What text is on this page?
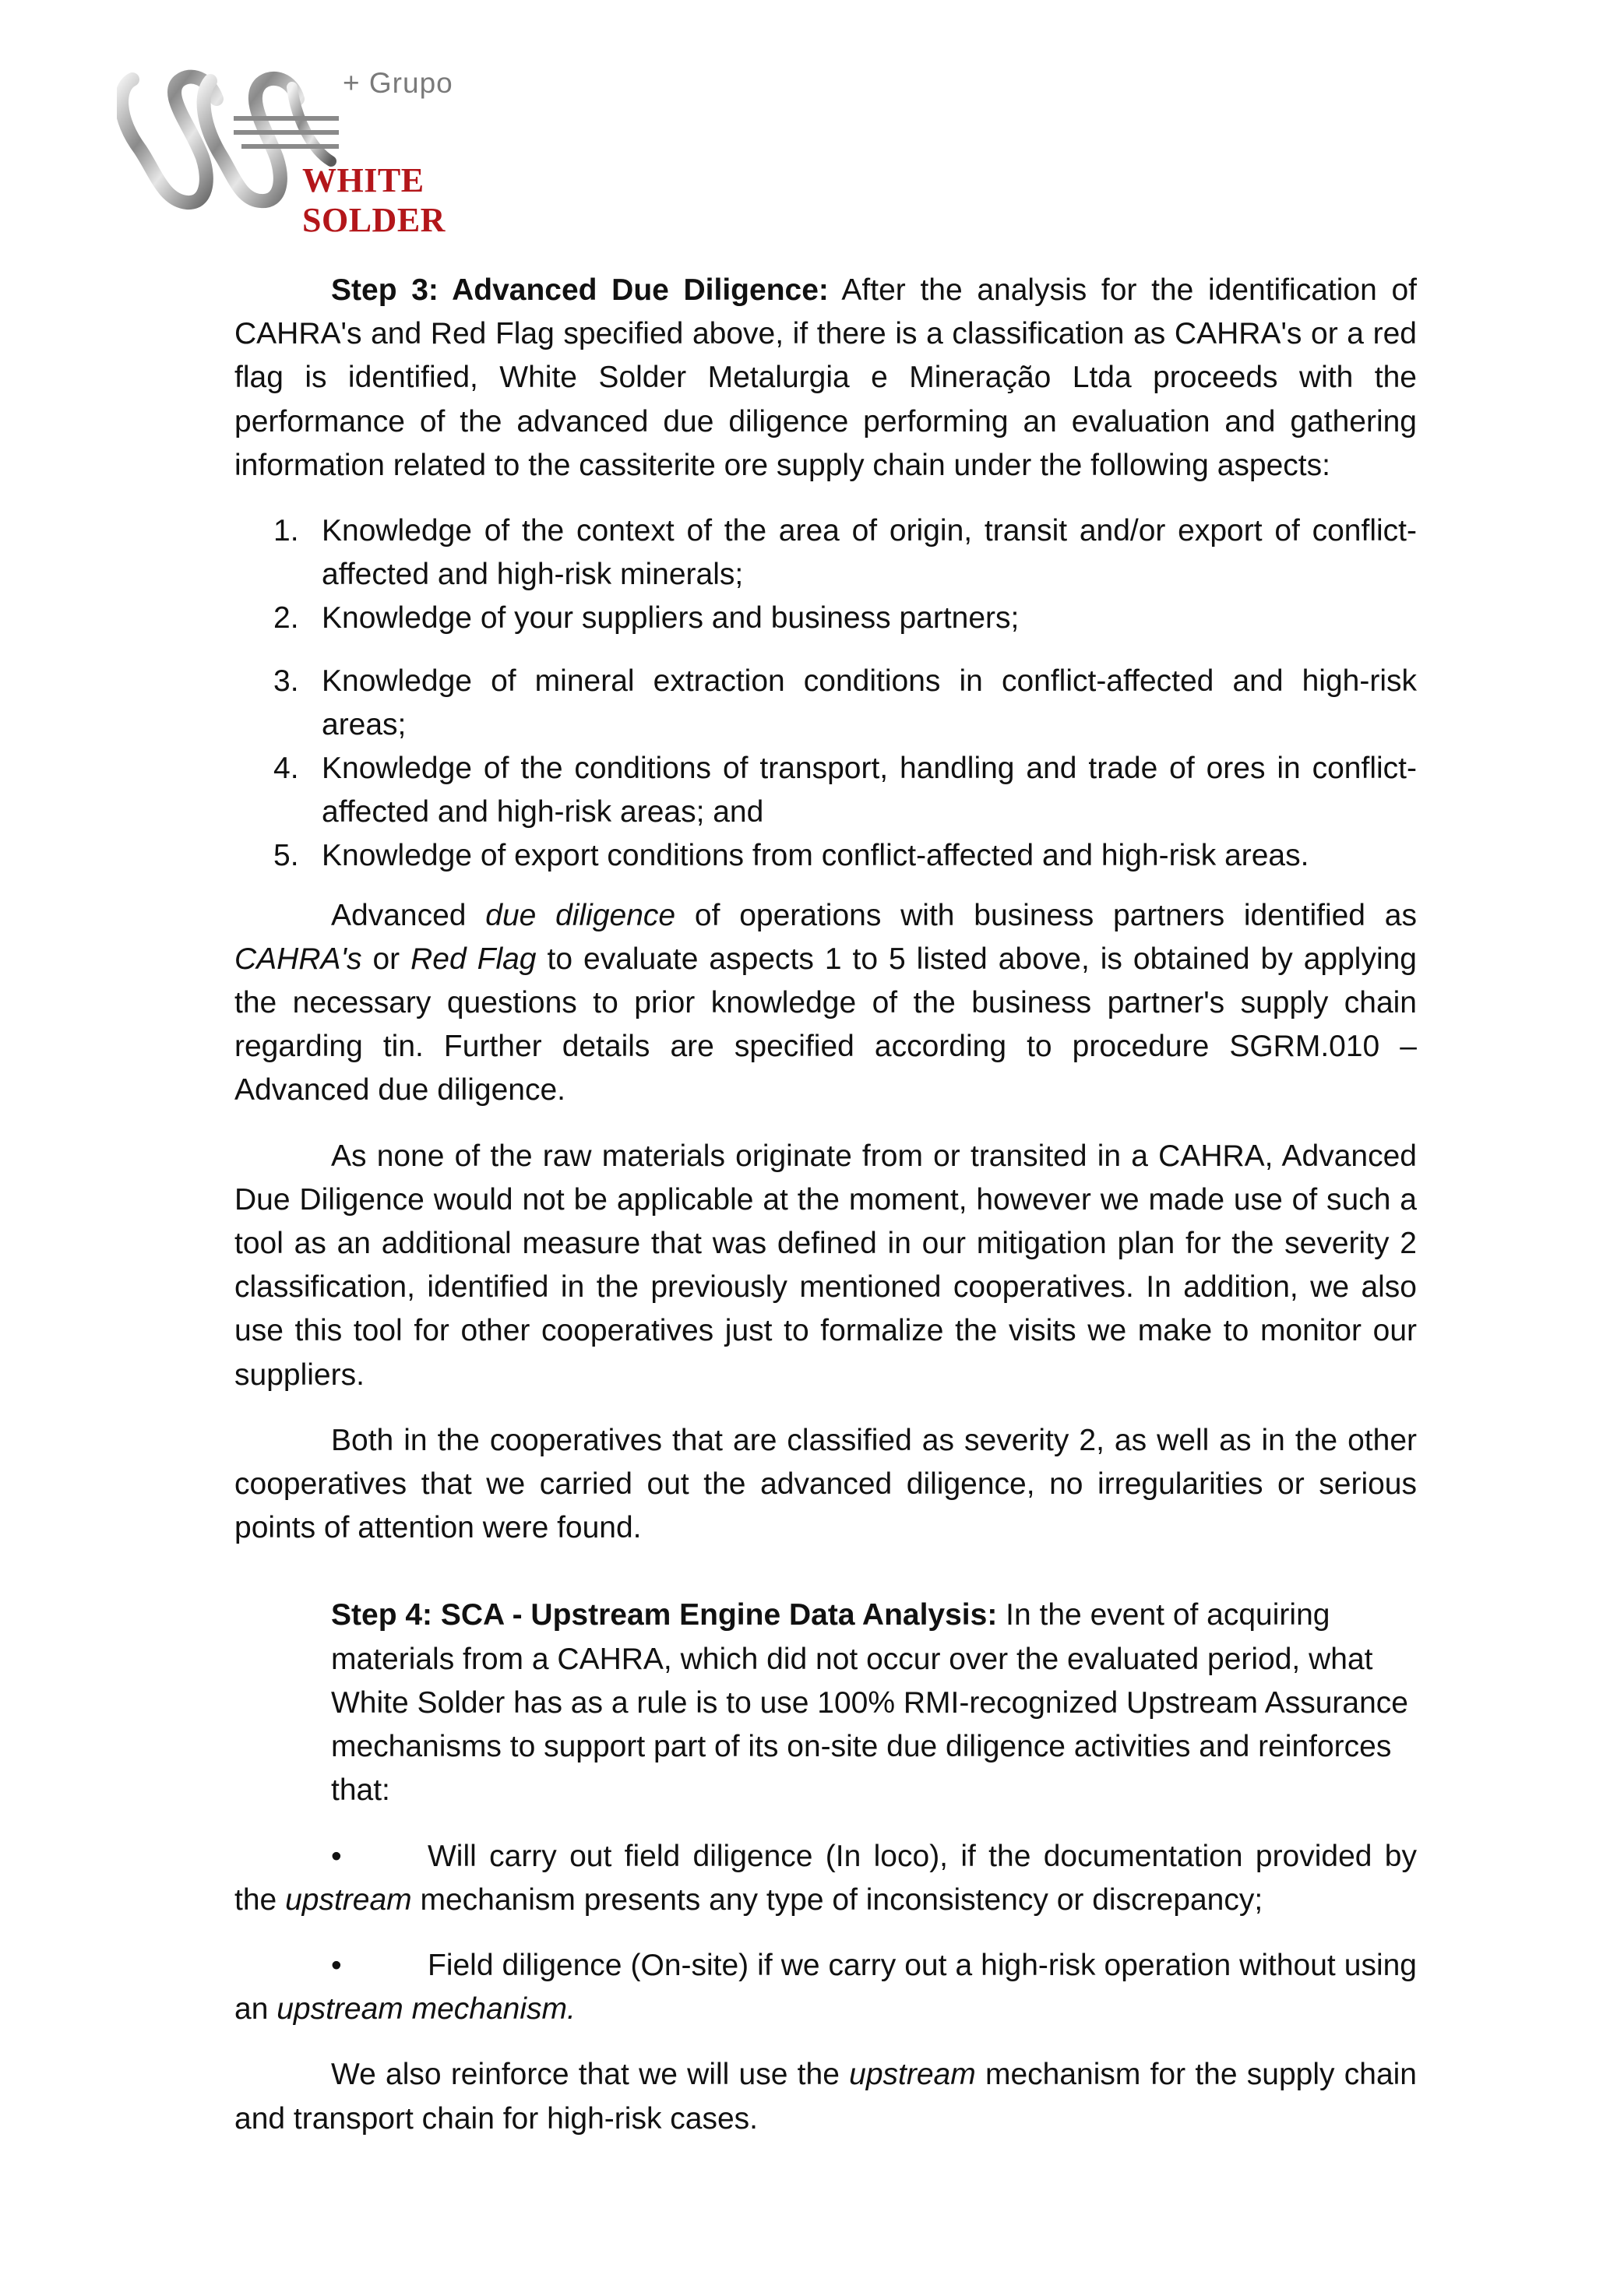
+ Grupo
WHITE SOLDER

Step 3: Advanced Due Diligence: After the analysis for the identification of CAHRA's and Red Flag specified above, if there is a classification as CAHRA's or a red flag is identified, White Solder Metalurgia e Mineração Ltda proceeds with the performance of the advanced due diligence performing an evaluation and gathering information related to the cassiterite ore supply chain under the following aspects:

1. Knowledge of the context of the area of origin, transit and/or export of conflict-affected and high-risk minerals;
2. Knowledge of your suppliers and business partners;
3. Knowledge of mineral extraction conditions in conflict-affected and high-risk areas;
4. Knowledge of the conditions of transport, handling and trade of ores in conflict-affected and high-risk areas; and
5. Knowledge of export conditions from conflict-affected and high-risk areas.

Advanced due diligence of operations with business partners identified as CAHRA's or Red Flag to evaluate aspects 1 to 5 listed above, is obtained by applying the necessary questions to prior knowledge of the business partner's supply chain regarding tin. Further details are specified according to procedure SGRM.010 – Advanced due diligence.

As none of the raw materials originate from or transited in a CAHRA, Advanced Due Diligence would not be applicable at the moment, however we made use of such a tool as an additional measure that was defined in our mitigation plan for the severity 2 classification, identified in the previously mentioned cooperatives. In addition, we also use this tool for other cooperatives just to formalize the visits we make to monitor our suppliers.

Both in the cooperatives that are classified as severity 2, as well as in the other cooperatives that we carried out the advanced diligence, no irregularities or serious points of attention were found.

Step 4: SCA - Upstream Engine Data Analysis: In the event of acquiring materials from a CAHRA, which did not occur over the evaluated period, what White Solder has as a rule is to use 100% RMI-recognized Upstream Assurance mechanisms to support part of its on-site due diligence activities and reinforces that:

•	Will carry out field diligence (In loco), if the documentation provided by the upstream mechanism presents any type of inconsistency or discrepancy;

•	Field diligence (On-site) if we carry out a high-risk operation without using an upstream mechanism.

We also reinforce that we will use the upstream mechanism for the supply chain and transport chain for high-risk cases.
